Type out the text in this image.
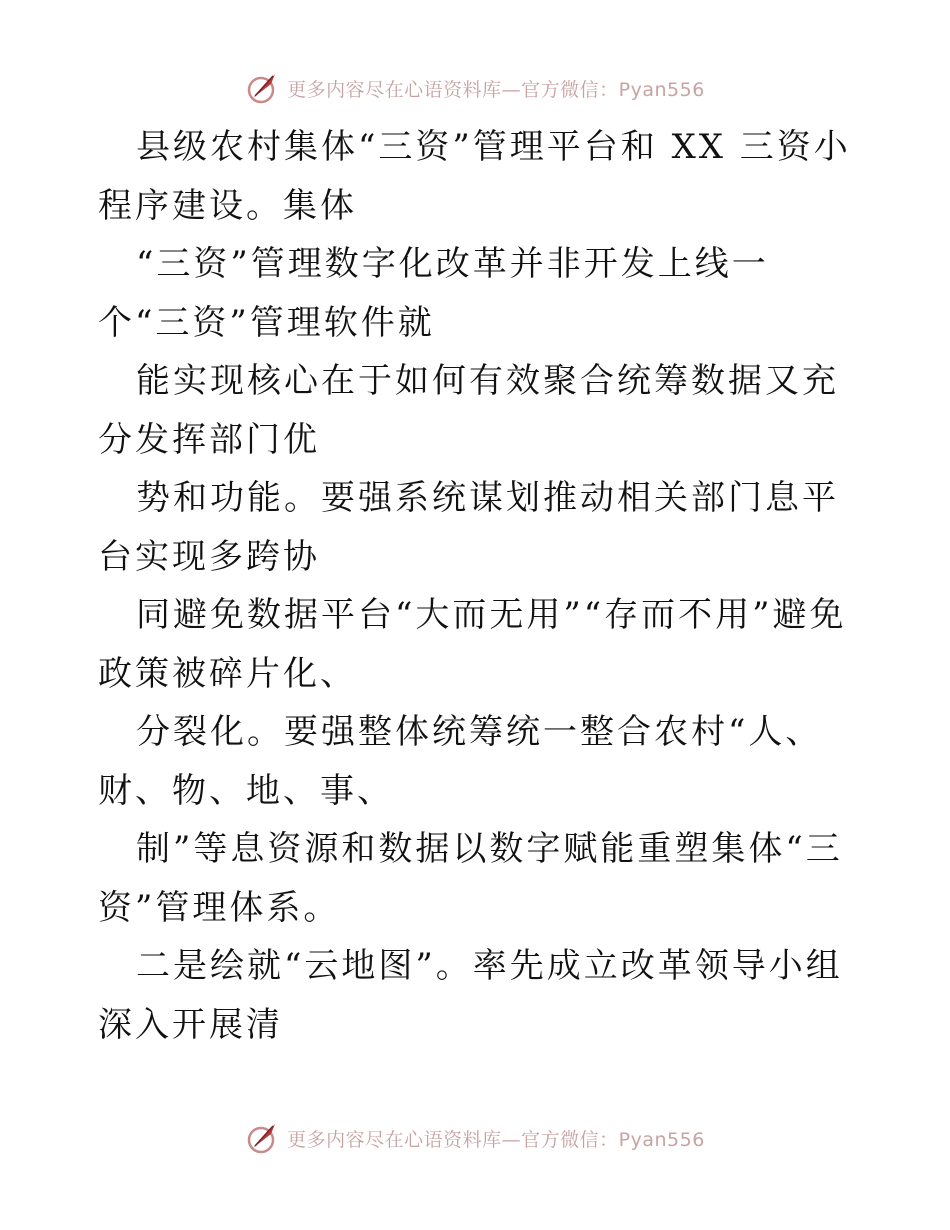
更多内容尽在心语资料库—官方微信：Pyan556

县级农村集体“三资”管理平台和 XX 三资小程序建设。集体

“三资”管理数字化改革并非开发上线一个“三资”管理软件就

能实现核心在于如何有效聚合统筹数据又充分发挥部门优

势和功能。要强系统谋划推动相关部门息平台实现多跨协

同避免数据平台“大而无用”“存而不用”避免政策被碎片化、

分裂化。要强整体统筹统一整合农村“人、财、物、地、事、

制”等息资源和数据以数字赋能重塑集体“三资”管理体系。

二是绘就“云地图”。率先成立改革领导小组深入开展清

更多内容尽在心语资料库—官方微信：Pyan556
